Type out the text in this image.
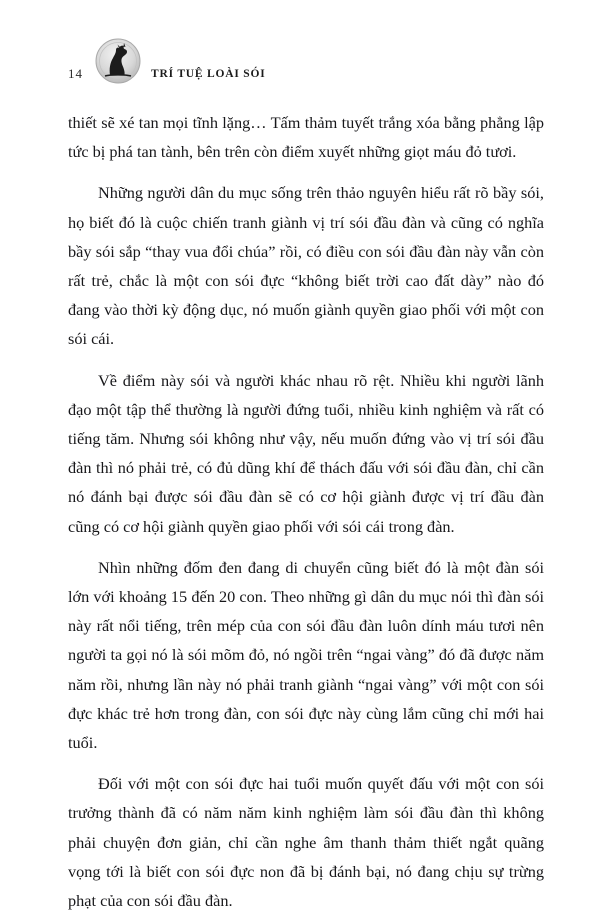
14	TRÍ TUỆ LOÀI SÓI

thiết sẽ xé tan mọi tĩnh lặng… Tấm thảm tuyết trắng xóa bằng phẳng lập tức bị phá tan tành, bên trên còn điểm xuyết những giọt máu đỏ tươi.

Những người dân du mục sống trên thảo nguyên hiểu rất rõ bầy sói, họ biết đó là cuộc chiến tranh giành vị trí sói đầu đàn và cũng có nghĩa bầy sói sắp “thay vua đổi chúa” rồi, có điều con sói đầu đàn này vẫn còn rất trẻ, chắc là một con sói đực “không biết trời cao đất dày” nào đó đang vào thời kỳ động dục, nó muốn giành quyền giao phối với một con sói cái.

Về điểm này sói và người khác nhau rõ rệt. Nhiều khi người lãnh đạo một tập thể thường là người đứng tuổi, nhiều kinh nghiệm và rất có tiếng tăm. Nhưng sói không như vậy, nếu muốn đứng vào vị trí sói đầu đàn thì nó phải trẻ, có đủ dũng khí để thách đấu với sói đầu đàn, chỉ cần nó đánh bại được sói đầu đàn sẽ có cơ hội giành được vị trí đầu đàn cũng có cơ hội giành quyền giao phối với sói cái trong đàn.

Nhìn những đốm đen đang di chuyển cũng biết đó là một đàn sói lớn với khoảng 15 đến 20 con. Theo những gì dân du mục nói thì đàn sói này rất nổi tiếng, trên mép của con sói đầu đàn luôn dính máu tươi nên người ta gọi nó là sói mõm đỏ, nó ngồi trên “ngai vàng” đó đã được năm năm rồi, nhưng lần này nó phải tranh giành “ngai vàng” với một con sói đực khác trẻ hơn trong đàn, con sói đực này cùng lắm cũng chỉ mới hai tuổi.

Đối với một con sói đực hai tuổi muốn quyết đấu với một con sói trưởng thành đã có năm năm kinh nghiệm làm sói đầu đàn thì không phải chuyện đơn giản, chỉ cần nghe âm thanh thảm thiết ngắt quãng vọng tới là biết con sói đực non đã bị đánh bại, nó đang chịu sự trừng phạt của con sói đầu đàn.
